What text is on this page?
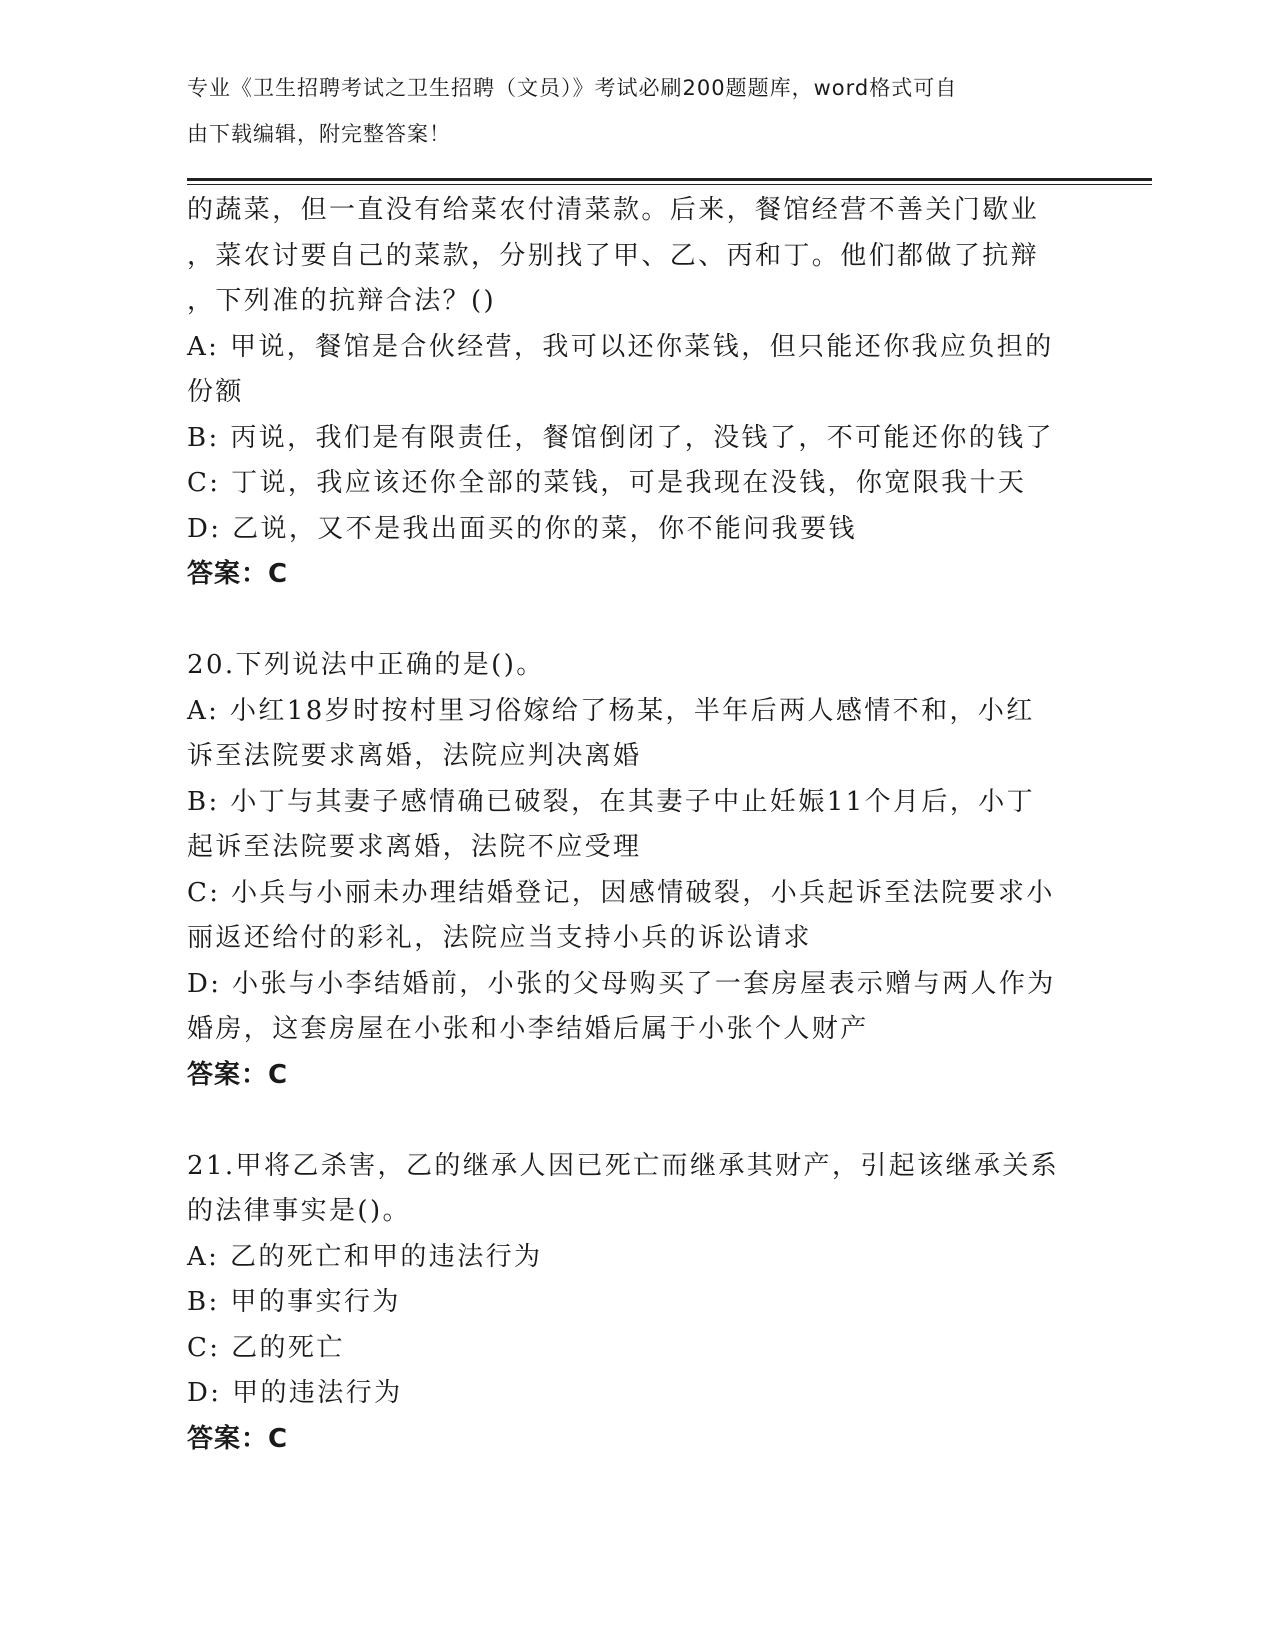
专业《卫生招聘考试之卫生招聘（文员）》考试必刷200题题库，word格式可自
由下载编辑，附完整答案！
的蔬菜，但一直没有给菜农付清菜款。后来，餐馆经营不善关门歇业
，菜农讨要自己的菜款，分别找了甲、乙、丙和丁。他们都做了抗辩
，下列准的抗辩合法？()
A: 甲说，餐馆是合伙经营，我可以还你菜钱，但只能还你我应负担的
份额
B: 丙说，我们是有限责任，餐馆倒闭了，没钱了，不可能还你的钱了
C: 丁说，我应该还你全部的菜钱，可是我现在没钱，你宽限我十天
D: 乙说，又不是我出面买的你的菜，你不能问我要钱
答案：C
20.下列说法中正确的是()。
A: 小红18岁时按村里习俗嫁给了杨某，半年后两人感情不和，小红
诉至法院要求离婚，法院应判决离婚
B: 小丁与其妻子感情确已破裂，在其妻子中止妊娠11个月后，小丁
起诉至法院要求离婚，法院不应受理
C: 小兵与小丽未办理结婚登记，因感情破裂，小兵起诉至法院要求小
丽返还给付的彩礼，法院应当支持小兵的诉讼请求
D: 小张与小李结婚前，小张的父母购买了一套房屋表示赠与两人作为
婚房，这套房屋在小张和小李结婚后属于小张个人财产
答案：C
21.甲将乙杀害，乙的继承人因已死亡而继承其财产，引起该继承关系
的法律事实是()。
A: 乙的死亡和甲的违法行为
B: 甲的事实行为
C: 乙的死亡
D: 甲的违法行为
答案：C
